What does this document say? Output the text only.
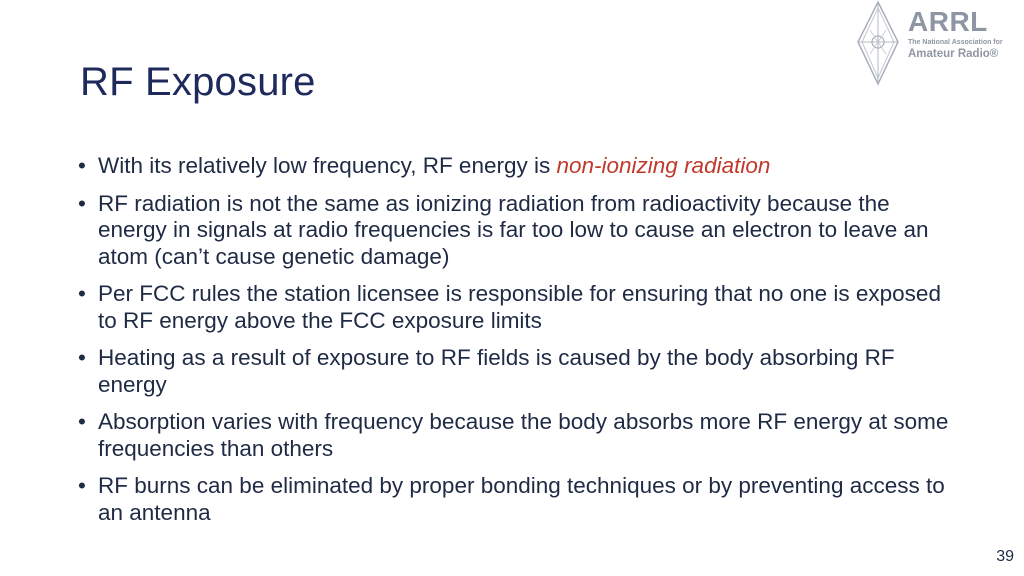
ARRL
The National Association for
Amateur Radio®
RF Exposure
• With its relatively low frequency, RF energy is non-ionizing radiation
• RF radiation is not the same as ionizing radiation from radioactivity because the energy in signals at radio frequencies is far too low to cause an electron to leave an atom (can’t cause genetic damage)
• Per FCC rules the station licensee is responsible for ensuring that no one is exposed to RF energy above the FCC exposure limits
• Heating as a result of exposure to RF fields is caused by the body absorbing RF energy
• Absorption varies with frequency because the body absorbs more RF energy at some frequencies than others
• RF burns can be eliminated by proper bonding techniques or by preventing access to an antenna
39
